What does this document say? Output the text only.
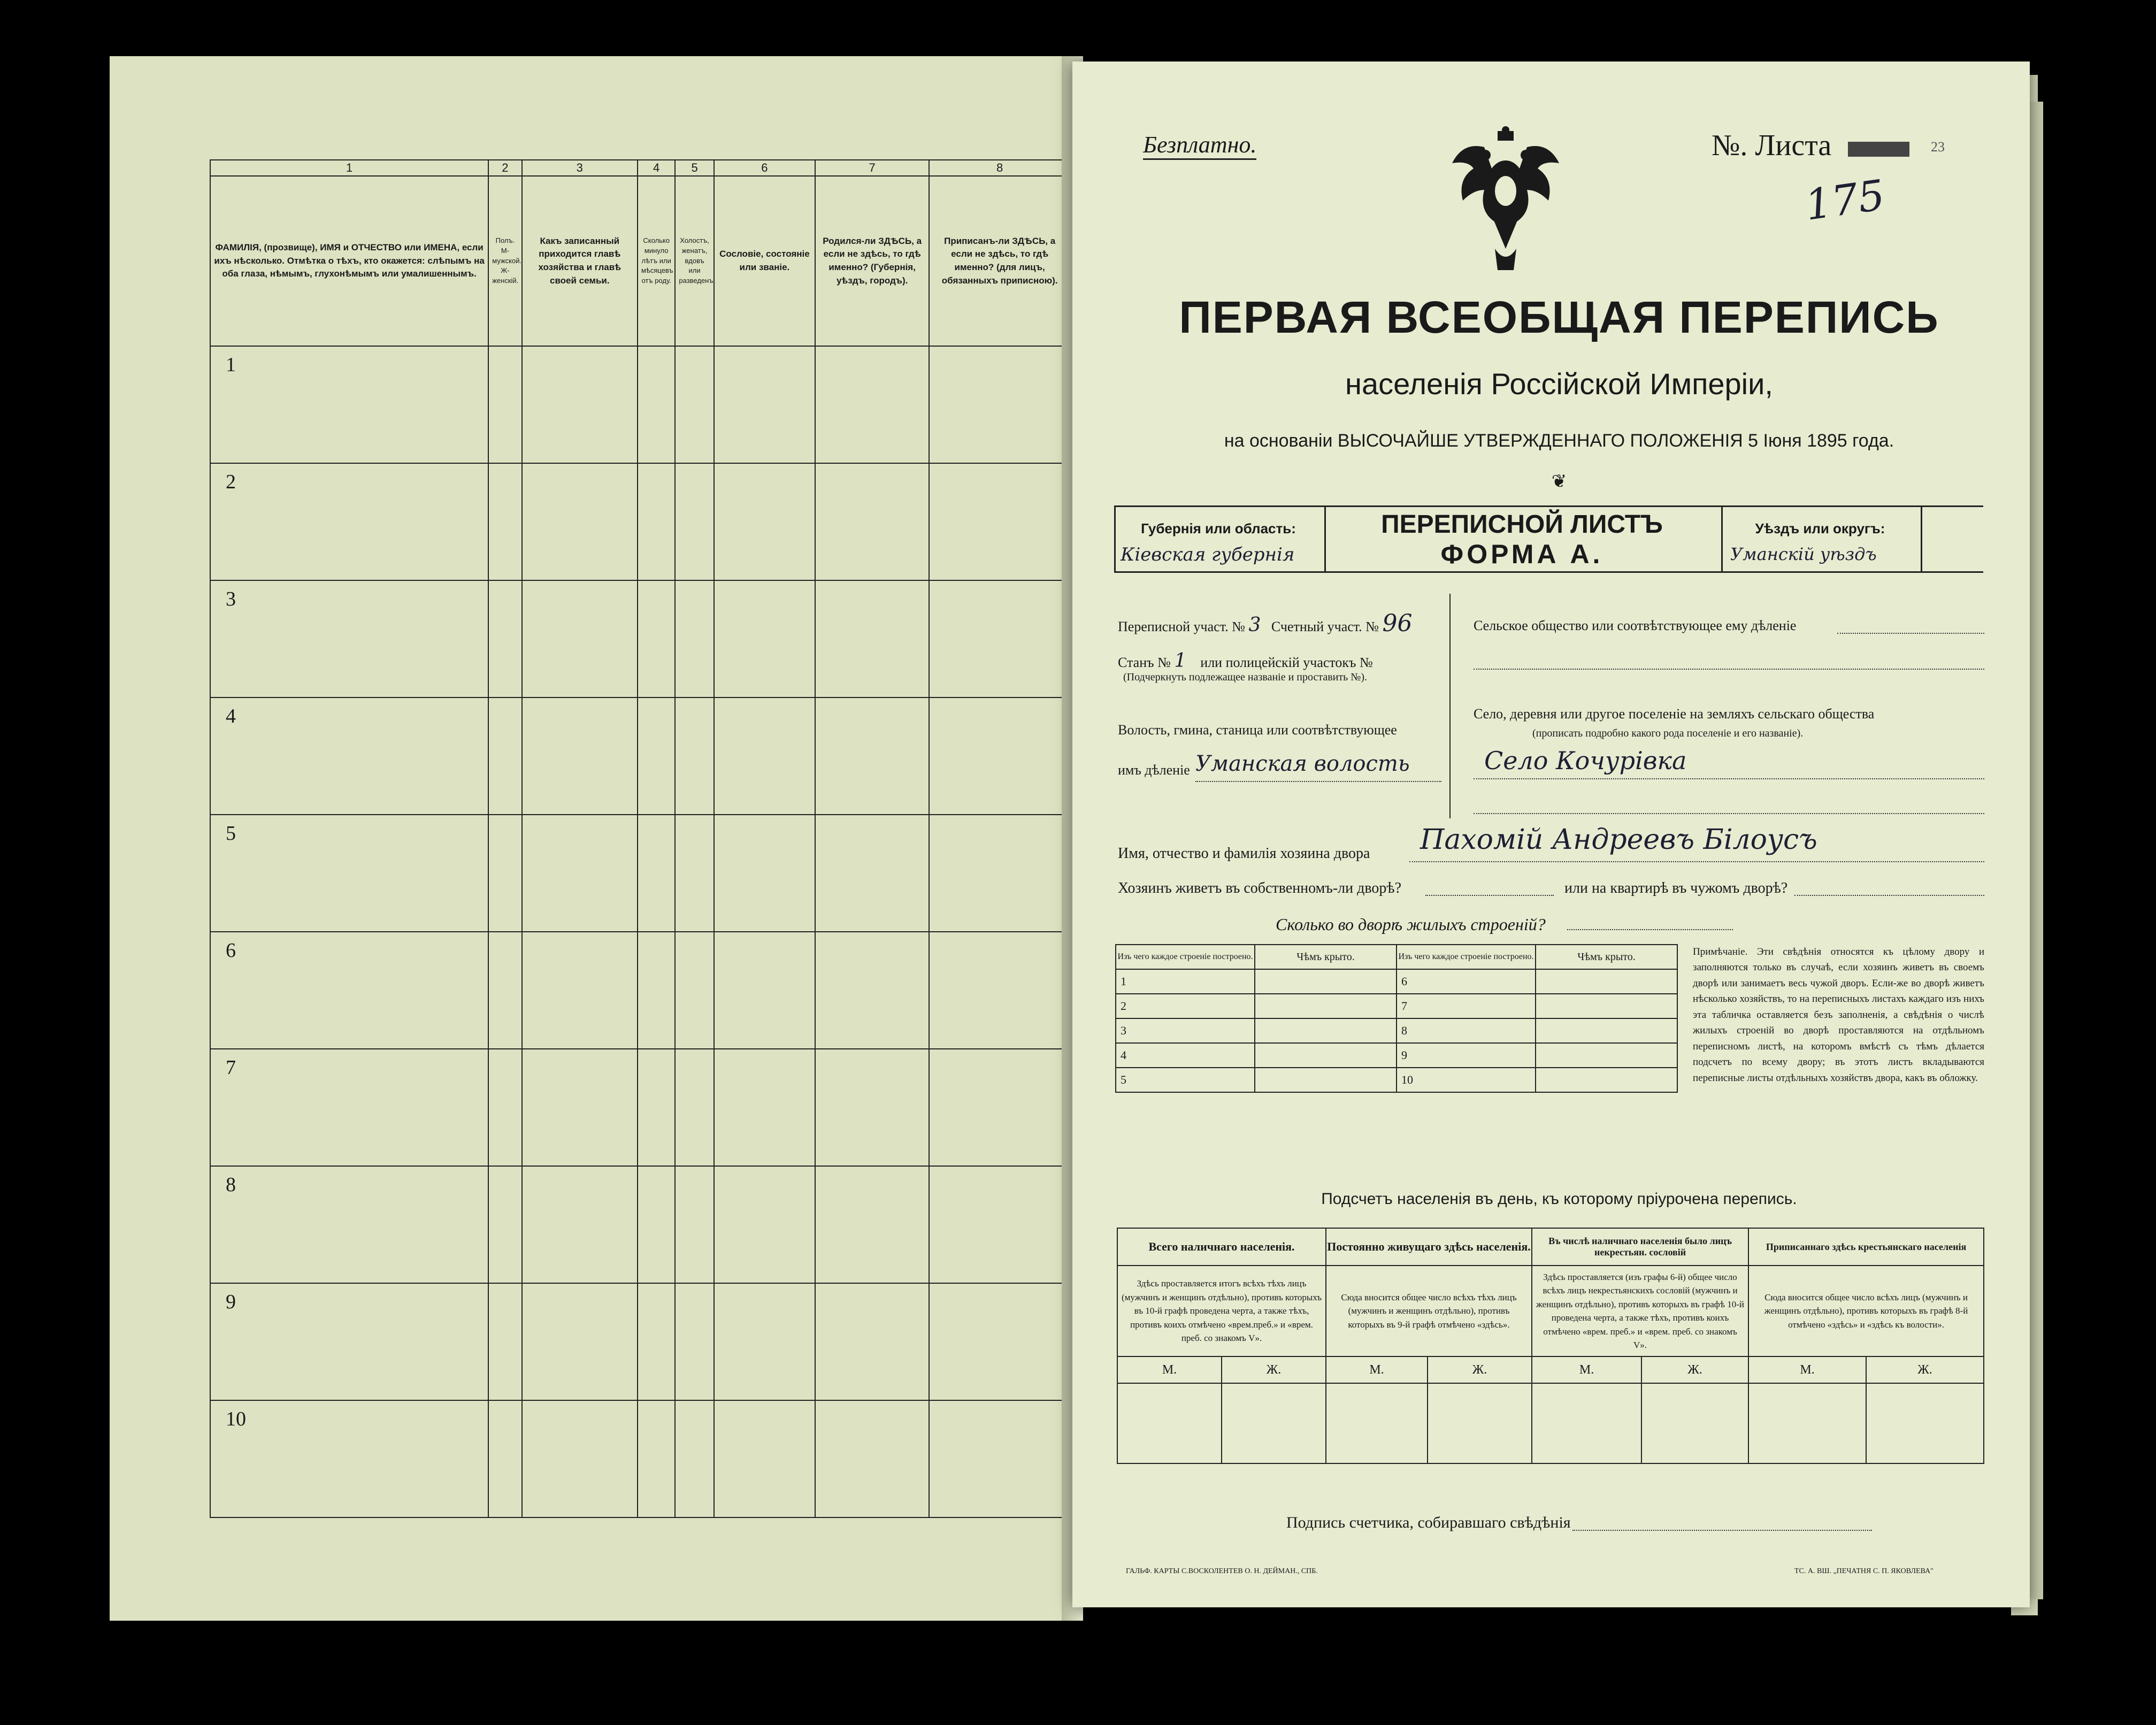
1	2	3	4	5	6	7	8
ФАМИЛІЯ, (прозвище), ИМЯ и ОТЧЕСТВО или ИМЕНА, если ихъ нѣсколько. Отмѣтка о тѣхъ, кто окажется: слѣпымъ на оба глаза, нѣмымъ, глухонѣмымъ или умалишеннымъ.	Полъ. М-мужской. Ж-женскій.	Какъ записанный приходится главѣ хозяйства и главѣ своей семьи.	Сколько минуло лѣтъ или мѣсяцевъ отъ роду.	Холостъ, женатъ, вдовъ или разведенъ.	Сословіе, состояніе или званіе.	Родился-ли ЗДѢСЬ, а если не здѣсь, то гдѣ именно? (Губернія, уѣздъ, городъ).	Приписанъ-ли ЗДѢСЬ, а если не здѣсь, то гдѣ именно? (для лицъ, обязанныхъ приписною).
1							
2							
3							
4							
5							
6							
7							
8							
9							
10							
Безплатно.	№. Листа
175
23
ПЕРВАЯ ВСЕОБЩАЯ ПЕРЕПИСЬ
населенія Россійской Имперіи,
на основаніи ВЫСОЧАЙШЕ УТВЕРЖДЕННАГО ПОЛОЖЕНІЯ 5 Іюня 1895 года.
❦
Губернія или область:
Кіевская губернія
ПЕРЕПИСНОЙ ЛИСТЪ
ФОРМА А.
Уѣздъ или округъ:
Уманскій уѣздъ
Переписной участ. № 3 Счетный участ. № 96
Станъ № 1 или полицейскій участокъ №
(Подчеркнуть подлежащее названіе и проставить №).
Волость, гмина, станица или соотвѣтствующее
имъ дѣленіе Уманская волость
Сельское общество или соотвѣтствующее ему дѣленіе
Село, деревня или другое поселеніе на земляхъ сельскаго общества
(прописать подробно какого рода поселеніе и его названіе).
Село Кочурівка
Имя, отчество и фамилія хозяина двора Пахомій Андреевъ Білоусъ
Хозяинъ живетъ въ собственномъ-ли дворѣ?	или на квартирѣ въ чужомъ дворѣ?
Сколько во дворѣ жилыхъ строеній?
Изъ чего каждое строеніе построено.	Чѣмъ крыто.	Изъ чего каждое строеніе построено.	Чѣмъ крыто.
1		6	
2		7	
3		8	
4		9	
5		10	
Примѣчаніе. Эти свѣдѣнія относятся къ цѣлому двору и заполняются только въ случаѣ, если хозяинъ живетъ въ своемъ дворѣ или занимаетъ весь чужой дворъ. Если-же во дворѣ живетъ нѣсколько хозяйствъ, то на переписныхъ листахъ каждаго изъ нихъ эта табличка оставляется безъ заполненія, а свѣдѣнія о числѣ жилыхъ строеній во дворѣ проставляются на отдѣльномъ переписномъ листѣ, на которомъ вмѣстѣ съ тѣмъ дѣлается подсчетъ по всему двору; въ этотъ листъ вкладываются переписные листы отдѣльныхъ хозяйствъ двора, какъ въ обложку.
Подсчетъ населенія въ день, къ которому пріурочена перепись.
Всего наличнаго населенія.		Постоянно живущаго здѣсь населенія.		Въ числѣ наличнаго населенія было лицъ некрестьян. сословій		Приписаннаго здѣсь крестьянскаго населенія	
Здѣсь проставляется итогъ всѣхъ тѣхъ лицъ (мужчинъ и женщинъ отдѣльно), противъ которыхъ въ 10-й графѣ проведена черта, а также тѣхъ, противъ коихъ отмѣчено «врем.преб.» и «врем. преб. со знакомъ V».		Сюда вносится общее число всѣхъ тѣхъ лицъ (мужчинъ и женщинъ отдѣльно), противъ которыхъ въ 9-й графѣ отмѣчено «здѣсь».		Здѣсь проставляется (изъ графы 6-й) общее число всѣхъ лицъ некрестьянскихъ сословій (мужчинъ и женщинъ отдѣльно), противъ которыхъ въ графѣ 10-й проведена черта, а также тѣхъ, противъ коихъ отмѣчено «врем. преб.» и «врем. преб. со знакомъ V».		Сюда вносится общее число всѣхъ лицъ (мужчинъ и женщинъ отдѣльно), противъ которыхъ въ графѣ 8-й отмѣчено «здѣсь» и «здѣсь къ волости».	
М.	Ж.	М.	Ж.	М.	Ж.	М.	Ж.

Подпись счетчика, собиравшаго свѣдѣнія
ГАЛЬФ. КАРТЫ С.ВОСКОЛЕНТЕВ О. Н. ДЕЙМАН., СПБ.	ТС. А. ВШ. „ПЕЧАТНЯ С. П. ЯКОВЛЕВА"
